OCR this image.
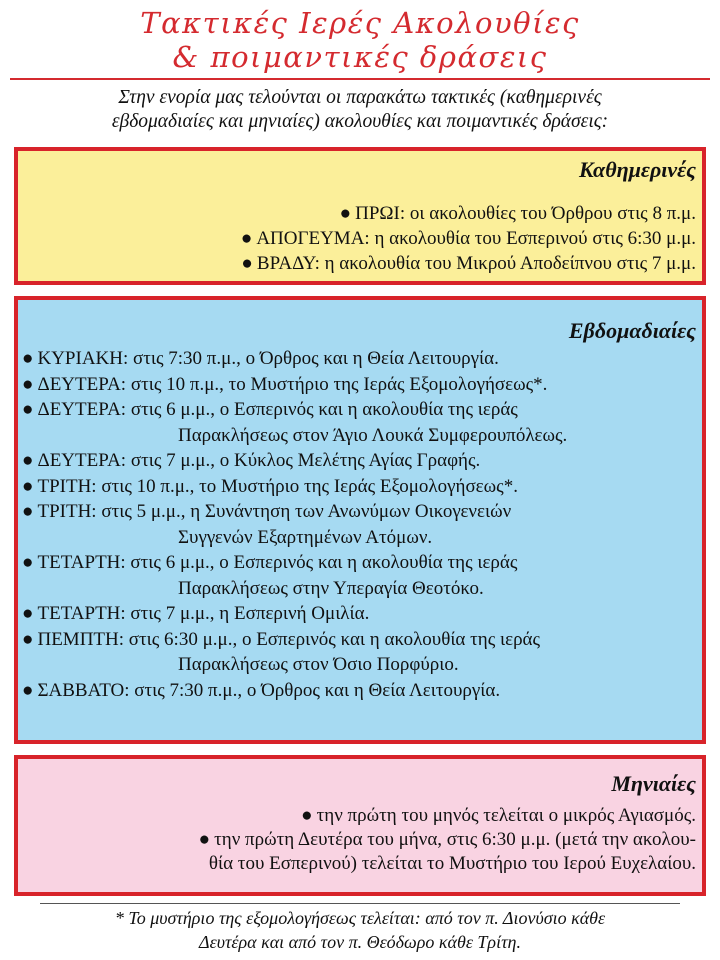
Τακτικές Ιερές Ακολουθίες
& ποιμαντικές δράσεις
Στην ενορία μας τελούνται οι παρακάτω τακτικές (καθημερινές
εβδομαδιαίες και μηνιαίες) ακολουθίες και ποιμαντικές δράσεις:
Καθημερινές
● ΠΡΩΙ: οι ακολουθίες του Όρθρου στις 8 π.μ.
● ΑΠΟΓΕΥΜΑ: η ακολουθία του Εσπερινού στις 6:30 μ.μ.
● ΒΡΑΔΥ: η ακολουθία του Μικρού Αποδείπνου στις 7 μ.μ.
Εβδομαδιαίες
● ΚΥΡΙΑΚΗ: στις 7:30 π.μ., ο Όρθρος και η Θεία Λειτουργία.
● ΔΕΥΤΕΡΑ: στις 10 π.μ., το Μυστήριο της Ιεράς Εξομολογήσεως*.
● ΔΕΥΤΕΡΑ: στις 6 μ.μ., ο Εσπερινός και η ακολουθία της ιεράς
Παρακλήσεως στον Άγιο Λουκά Συμφερουπόλεως.
● ΔΕΥΤΕΡΑ: στις 7 μ.μ., ο Κύκλος Μελέτης Αγίας Γραφής.
● ΤΡΙΤΗ: στις 10 π.μ., το Μυστήριο της Ιεράς Εξομολογήσεως*.
● ΤΡΙΤΗ: στις 5 μ.μ., η Συνάντηση των Ανωνύμων Οικογενειών
Συγγενών Εξαρτημένων Ατόμων.
● ΤΕΤΑΡΤΗ: στις 6 μ.μ., ο Εσπερινός και η ακολουθία της ιεράς
Παρακλήσεως στην Υπεραγία Θεοτόκο.
● ΤΕΤΑΡΤΗ: στις 7 μ.μ., η Εσπερινή Ομιλία.
● ΠΕΜΠΤΗ: στις 6:30 μ.μ., ο Εσπερινός και η ακολουθία της ιεράς
Παρακλήσεως στον Όσιο Πορφύριο.
● ΣΑΒΒΑΤΟ: στις 7:30 π.μ., ο Όρθρος και η Θεία Λειτουργία.
Μηνιαίες
● την πρώτη του μηνός τελείται ο μικρός Αγιασμός.
● την πρώτη Δευτέρα του μήνα, στις 6:30 μ.μ. (μετά την ακολου-
θία του Εσπερινού) τελείται το Μυστήριο του Ιερού Ευχελαίου.
* Το μυστήριο της εξομολογήσεως τελείται: από τον π. Διονύσιο κάθε
Δευτέρα και από τον π. Θεόδωρο κάθε Τρίτη.
